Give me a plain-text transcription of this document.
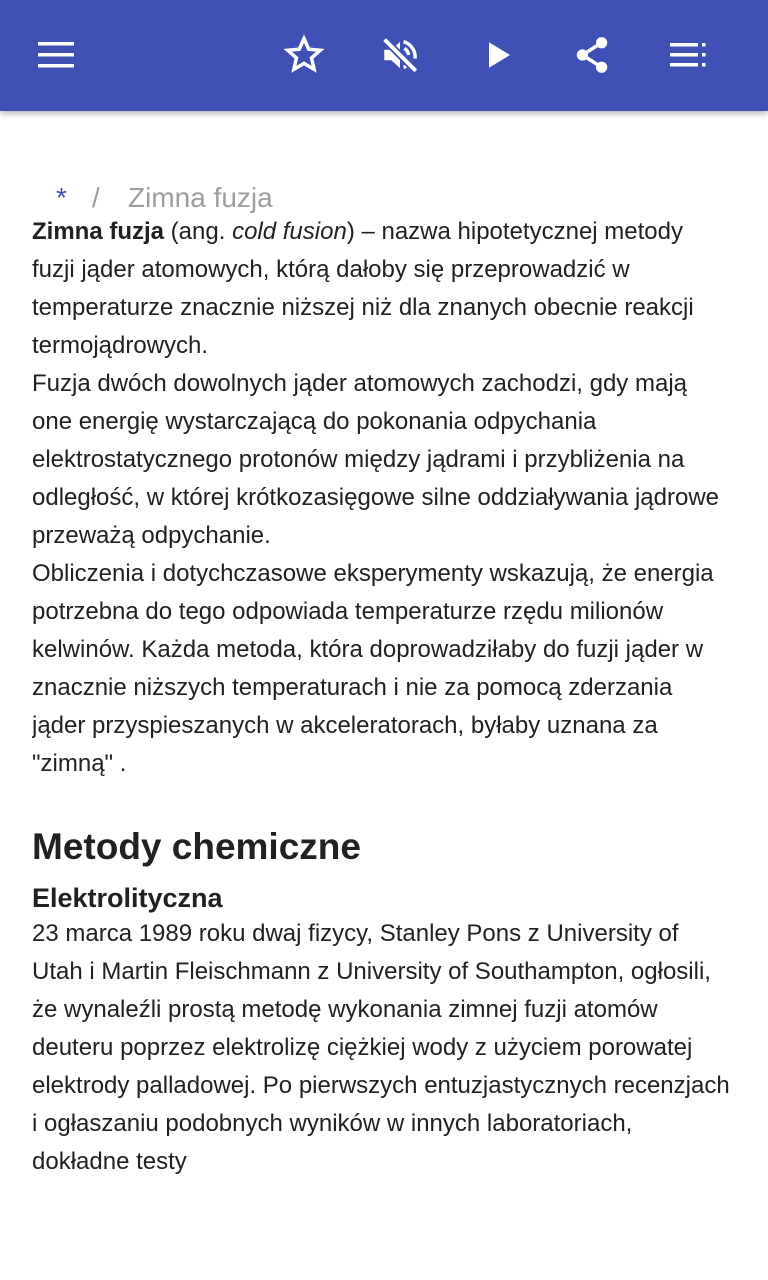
* / Zimna fuzja

Zimna fuzja (ang. cold fusion) – nazwa hipotetycznej metody fuzji jąder atomowych, którą dałoby się przeprowadzić w temperaturze znacznie niższej niż dla znanych obecnie reakcji termojądrowych.

Fuzja dwóch dowolnych jąder atomowych zachodzi, gdy mają one energię wystarczającą do pokonania odpychania elektrostatycznego protonów między jądrami i przybliżenia na odległość, w której krótkozasięgowe silne oddziaływania jądrowe przeważą odpychanie.

Obliczenia i dotychczasowe eksperymenty wskazują, że energia potrzebna do tego odpowiada temperaturze rzędu milionów kelwinów. Każda metoda, która doprowadziłaby do fuzji jąder w znacznie niższych temperaturach i nie za pomocą zderzania jąder przyspieszanych w akceleratorach, byłaby uznana za "zimną" .

Metody chemiczne
Elektrolityczna

23 marca 1989 roku dwaj fizycy, Stanley Pons z University of Utah i Martin Fleischmann z University of Southampton, ogłosili, że wynaleźli prostą metodę wykonania zimnej fuzji atomów deuteru poprzez elektrolizę ciężkiej wody z użyciem porowatej elektrody palladowej. Po pierwszych entuzjastycznych recenzjach i ogłaszaniu podobnych wyników w innych laboratoriach, dokładne testy
